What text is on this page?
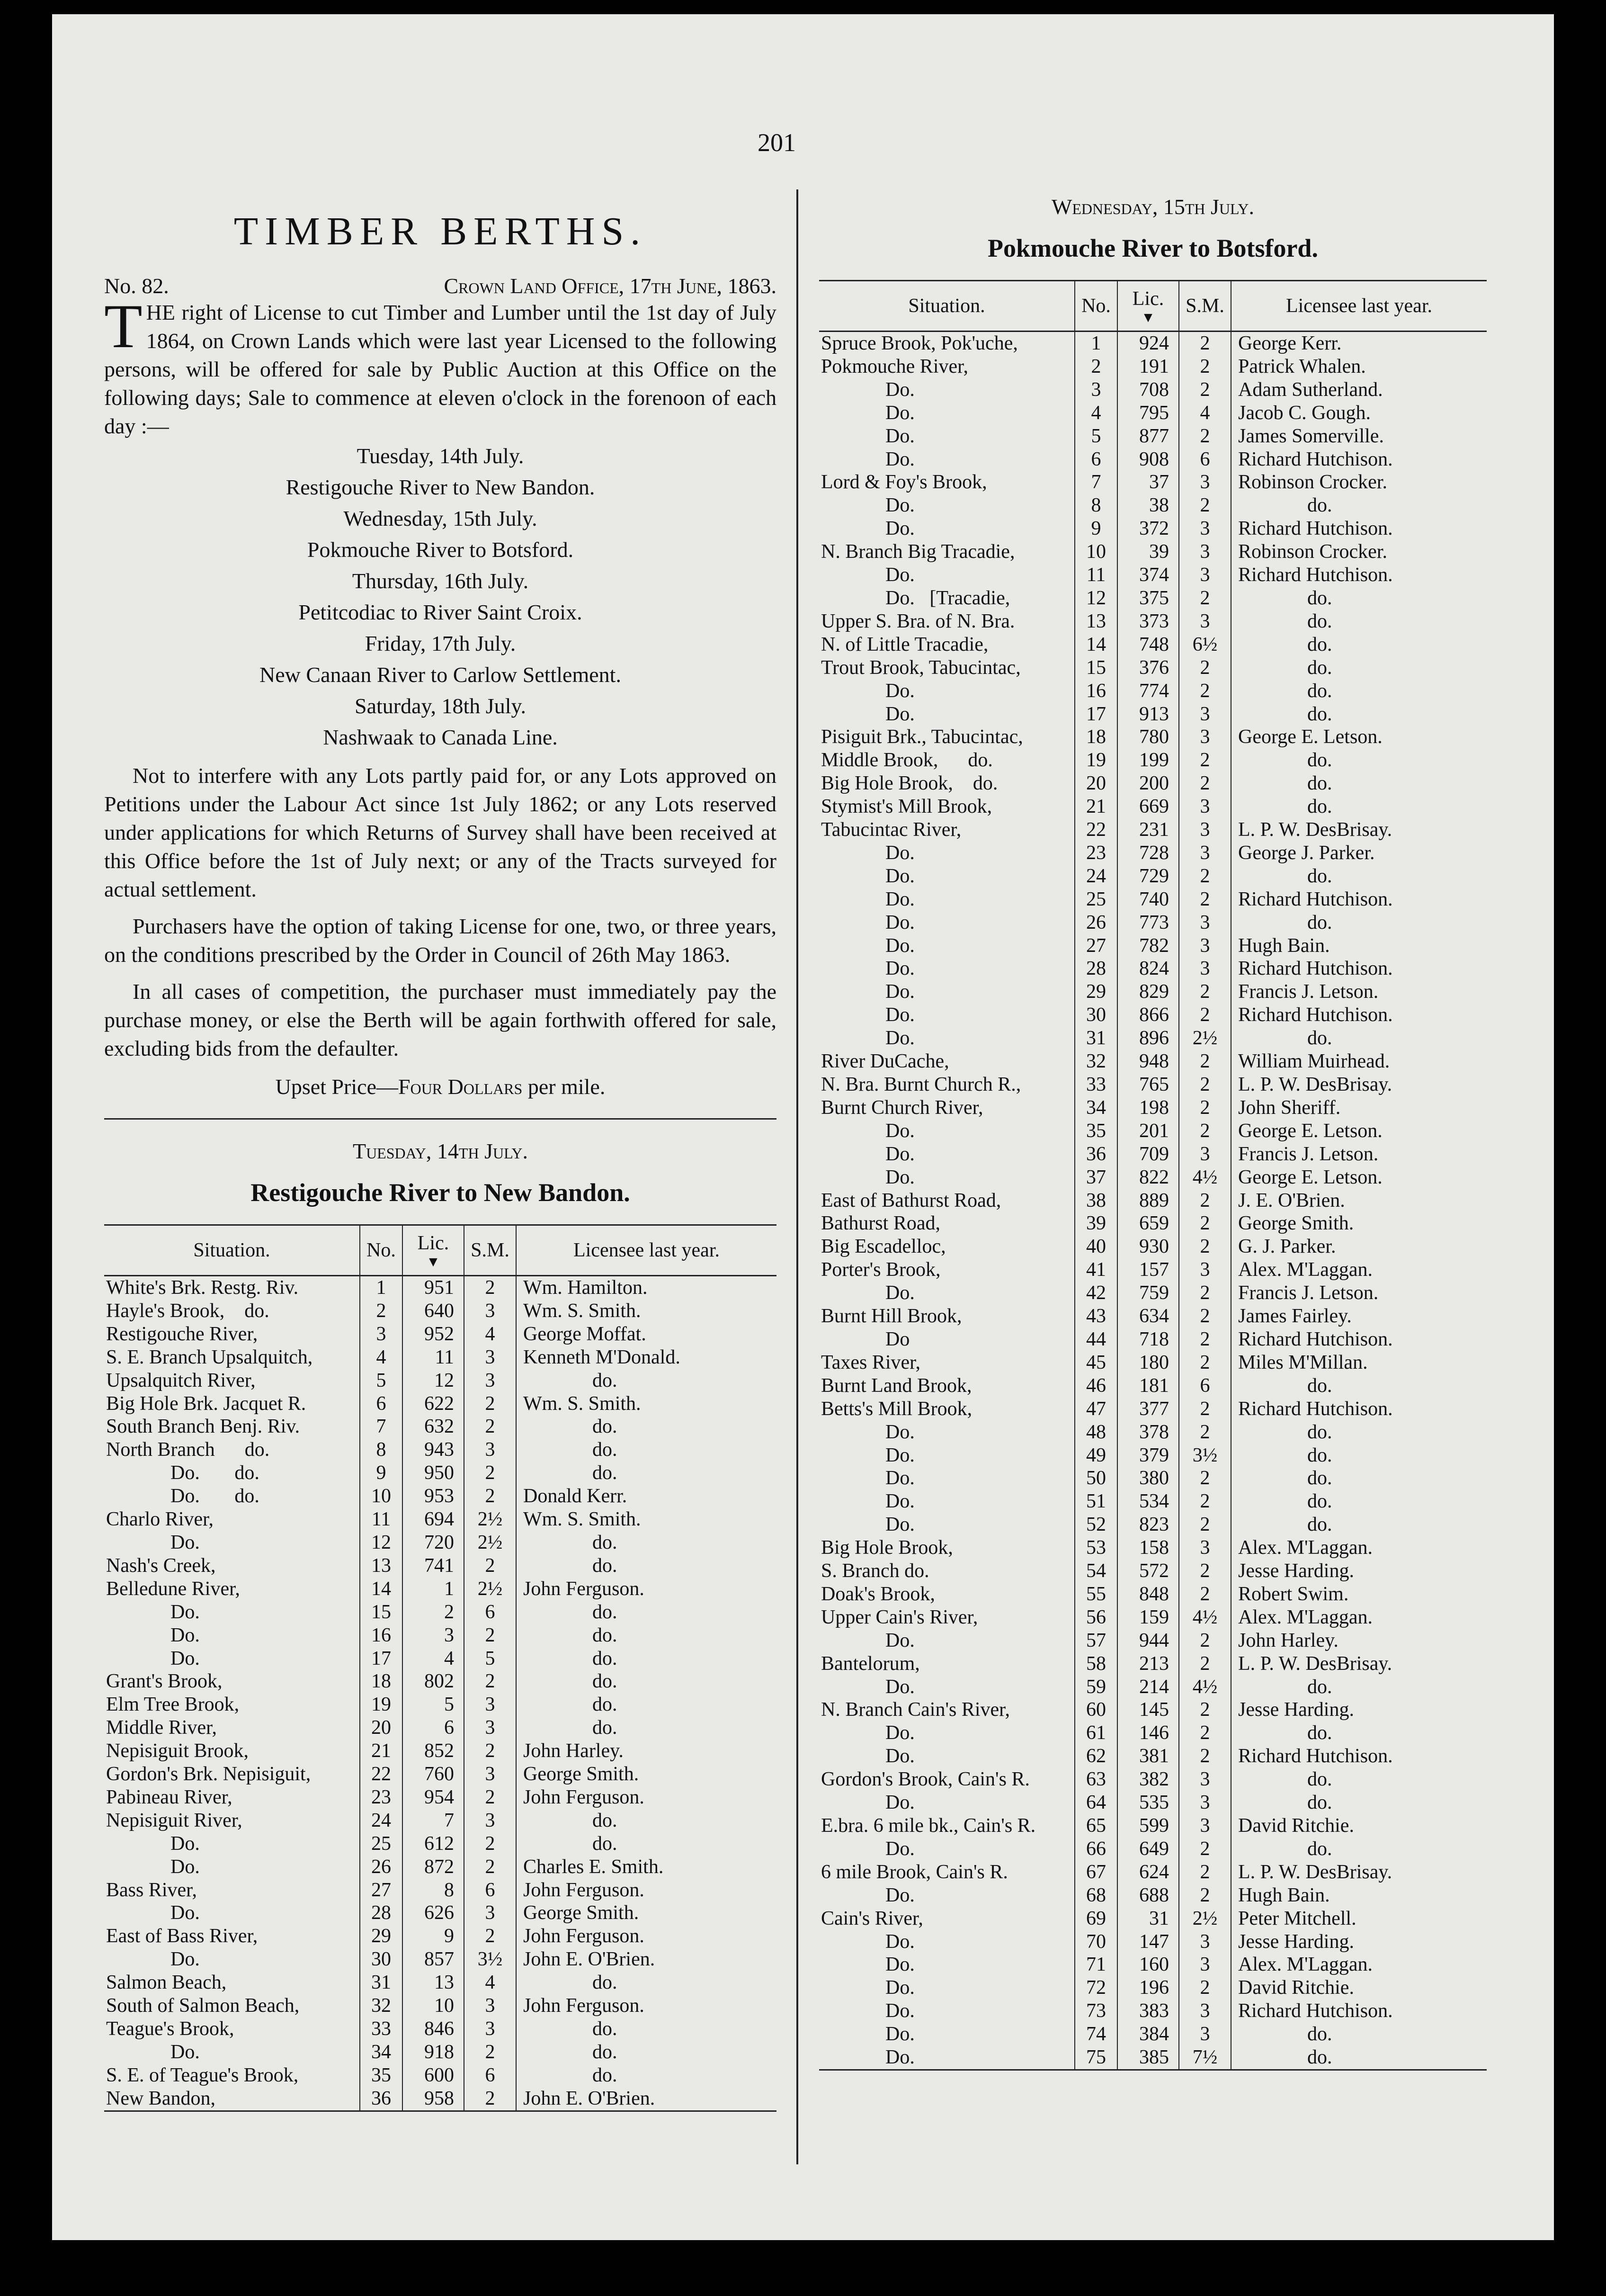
201
TIMBER BERTHS.
No. 82.	Crown Land Office, 17th June, 1863.

THE right of License to cut Timber and Lumber until the 1st day of July 1864, on Crown Lands which were last year Licensed to the following persons, will be offered for sale by Public Auction at this Office on the following days; Sale to commence at eleven o'clock in the forenoon of each day :—

Tuesday, 14th July.

Restigouche River to New Bandon.

Wednesday, 15th July.

Pokmouche River to Botsford.

Thursday, 16th July.

Petitcodiac to River Saint Croix.

Friday, 17th July.

New Canaan River to Carlow Settlement.

Saturday, 18th July.

Nashwaak to Canada Line.

Not to interfere with any Lots partly paid for, or any Lots approved on Petitions under the Labour Act since 1st July 1862; or any Lots reserved under applications for which Returns of Survey shall have been received at this Office before the 1st of July next; or any of the Tracts surveyed for actual settlement.

Purchasers have the option of taking License for one, two, or three years, on the conditions prescribed by the Order in Council of 26th May 1863.

In all cases of competition, the purchaser must immediately pay the purchase money, or else the Berth will be again forthwith offered for sale, excluding bids from the defaulter.

Upset Price—Four Dollars per mile.

Tuesday, 14th July.
Restigouche River to New Bandon.
Situation.	No.	Lic.
▼	S.M.	Licensee last year.
White's Brk. Restg. Riv.	1	951	2	Wm. Hamilton.
Hayle's Brook,    do.	2	640	3	Wm. S. Smith.
Restigouche River,	3	952	4	George Moffat.
S. E. Branch Upsalquitch,	4	11	3	Kenneth M'Donald.
Upsalquitch River,	5	12	3	do.
Big Hole Brk. Jacquet R.	6	622	2	Wm. S. Smith.
South Branch Benj. Riv.	7	632	2	do.
North Branch      do.	8	943	3	do.
Do.       do.	9	950	2	do.
Do.       do.	10	953	2	Donald Kerr.
Charlo River,	11	694	2½	Wm. S. Smith.
Do.	12	720	2½	do.
Nash's Creek,	13	741	2	do.
Belledune River,	14	1	2½	John Ferguson.
Do.	15	2	6	do.
Do.	16	3	2	do.
Do.	17	4	5	do.
Grant's Brook,	18	802	2	do.
Elm Tree Brook,	19	5	3	do.
Middle River,	20	6	3	do.
Nepisiguit Brook,	21	852	2	John Harley.
Gordon's Brk. Nepisiguit,	22	760	3	George Smith.
Pabineau River,	23	954	2	John Ferguson.
Nepisiguit River,	24	7	3	do.
Do.	25	612	2	do.
Do.	26	872	2	Charles E. Smith.
Bass River,	27	8	6	John Ferguson.
Do.	28	626	3	George Smith.
East of Bass River,	29	9	2	John Ferguson.
Do.	30	857	3½	John E. O'Brien.
Salmon Beach,	31	13	4	do.
South of Salmon Beach,	32	10	3	John Ferguson.
Teague's Brook,	33	846	3	do.
Do.	34	918	2	do.
S. E. of Teague's Brook,	35	600	6	do.
New Bandon,	36	958	2	John E. O'Brien.
Wednesday, 15th July.
Pokmouche River to Botsford.
Situation.	No.	Lic.
▼	S.M.	Licensee last year.
Spruce Brook, Pok'uche,	1	924	2	George Kerr.
Pokmouche River,	2	191	2	Patrick Whalen.
Do.	3	708	2	Adam Sutherland.
Do.	4	795	4	Jacob C. Gough.
Do.	5	877	2	James Somerville.
Do.	6	908	6	Richard Hutchison.
Lord & Foy's Brook,	7	37	3	Robinson Crocker.
Do.	8	38	2	do.
Do.	9	372	3	Richard Hutchison.
N. Branch Big Tracadie,	10	39	3	Robinson Crocker.
Do.	11	374	3	Richard Hutchison.
Do.   [Tracadie,	12	375	2	do.
Upper S. Bra. of N. Bra.	13	373	3	do.
N. of Little Tracadie,	14	748	6½	do.
Trout Brook, Tabucintac,	15	376	2	do.
Do.	16	774	2	do.
Do.	17	913	3	do.
Pisiguit Brk., Tabucintac,	18	780	3	George E. Letson.
Middle Brook,      do.	19	199	2	do.
Big Hole Brook,    do.	20	200	2	do.
Stymist's Mill Brook,	21	669	3	do.
Tabucintac River,	22	231	3	L. P. W. DesBrisay.
Do.	23	728	3	George J. Parker.
Do.	24	729	2	do.
Do.	25	740	2	Richard Hutchison.
Do.	26	773	3	do.
Do.	27	782	3	Hugh Bain.
Do.	28	824	3	Richard Hutchison.
Do.	29	829	2	Francis J. Letson.
Do.	30	866	2	Richard Hutchison.
Do.	31	896	2½	do.
River DuCache,	32	948	2	William Muirhead.
N. Bra. Burnt Church R.,	33	765	2	L. P. W. DesBrisay.
Burnt Church River,	34	198	2	John Sheriff.
Do.	35	201	2	George E. Letson.
Do.	36	709	3	Francis J. Letson.
Do.	37	822	4½	George E. Letson.
East of Bathurst Road,	38	889	2	J. E. O'Brien.
Bathurst Road,	39	659	2	George Smith.
Big Escadelloc,	40	930	2	G. J. Parker.
Porter's Brook,	41	157	3	Alex. M'Laggan.
Do.	42	759	2	Francis J. Letson.
Burnt Hill Brook,	43	634	2	James Fairley.
Do	44	718	2	Richard Hutchison.
Taxes River,	45	180	2	Miles M'Millan.
Burnt Land Brook,	46	181	6	do.
Betts's Mill Brook,	47	377	2	Richard Hutchison.
Do.	48	378	2	do.
Do.	49	379	3½	do.
Do.	50	380	2	do.
Do.	51	534	2	do.
Do.	52	823	2	do.
Big Hole Brook,	53	158	3	Alex. M'Laggan.
S. Branch do.	54	572	2	Jesse Harding.
Doak's Brook,	55	848	2	Robert Swim.
Upper Cain's River,	56	159	4½	Alex. M'Laggan.
Do.	57	944	2	John Harley.
Bantelorum,	58	213	2	L. P. W. DesBrisay.
Do.	59	214	4½	do.
N. Branch Cain's River,	60	145	2	Jesse Harding.
Do.	61	146	2	do.
Do.	62	381	2	Richard Hutchison.
Gordon's Brook, Cain's R.	63	382	3	do.
Do.	64	535	3	do.
E.bra. 6 mile bk., Cain's R.	65	599	3	David Ritchie.
Do.	66	649	2	do.
6 mile Brook, Cain's R.	67	624	2	L. P. W. DesBrisay.
Do.	68	688	2	Hugh Bain.
Cain's River,	69	31	2½	Peter Mitchell.
Do.	70	147	3	Jesse Harding.
Do.	71	160	3	Alex. M'Laggan.
Do.	72	196	2	David Ritchie.
Do.	73	383	3	Richard Hutchison.
Do.	74	384	3	do.
Do.	75	385	7½	do.
